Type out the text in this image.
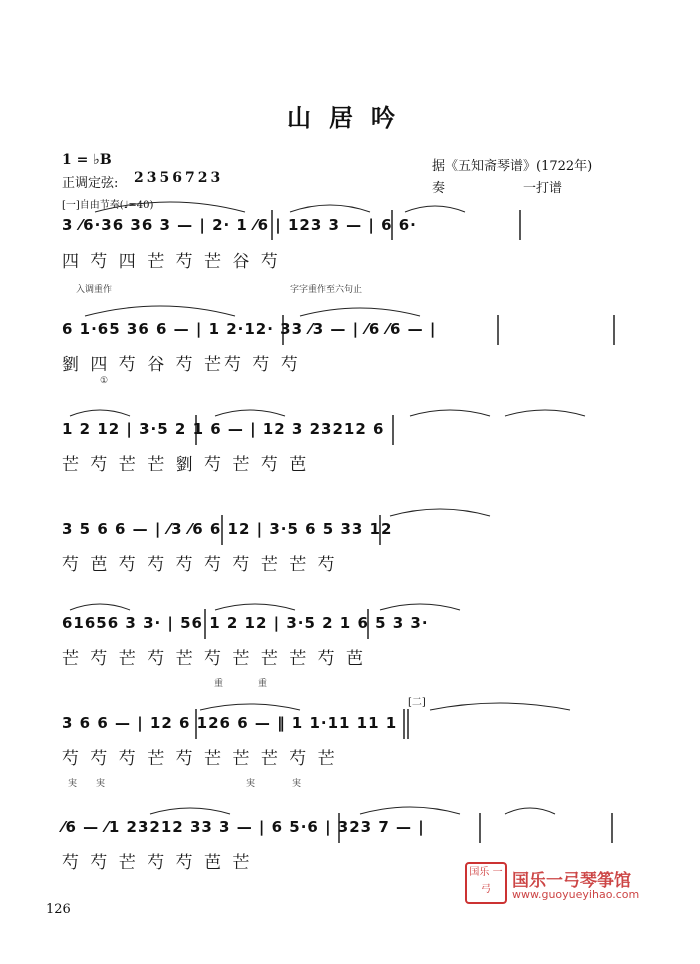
山居吟
1 = ♭B
正调定弦: 2356723
据《五知斋琴谱》(1722年)
奏　　　　　　一打谱
[一]自由节奏(♩=40)
3 ⁄6·36 36 3 — | 2· 1 ⁄6 | 123 3 — | 6 6·
四 芍 四 芒 芍 芒 谷 芍
入调重作	字字重作至六句止
6 1·65 36 6 — | 1 2·12· 33 ⁄3 — | ⁄6 ⁄6 — |
劉 四 芍 谷 芍 芒芍 芍 芍
①
1 2 12 | 3·5 2 1 6 — | 12 3 23212 6
芒 芍 芒 芒 劉 芍 芒 芍 芭
3 5 6 6 — | ⁄3 ⁄6 6 12 | 3·5 6 5 33 12
芍 芭 芍 芍 芍 芍 芍 芒 芒 芍
61656 3 3· | 56 1 2 12 | 3·5 2 1 6 5 3 3·
芒 芍 芒 芍 芒 芍 芒 芒 芒 芍 芭
重	重
[二]
3 6 6 — | 12 6 126 6 — ‖ 1 1·11 11 1
芍 芍 芍 芒 芍 芒 芒 芒 芍 芒
実 実	実	実
⁄6 — ⁄1 23212 33 3 — | 6 5·6 | 323 7 — |
芍 芍 芒 芍 芍 芭 芒
126
国乐 一弓	国乐一弓琴筝馆
www.guoyueyihao.com
